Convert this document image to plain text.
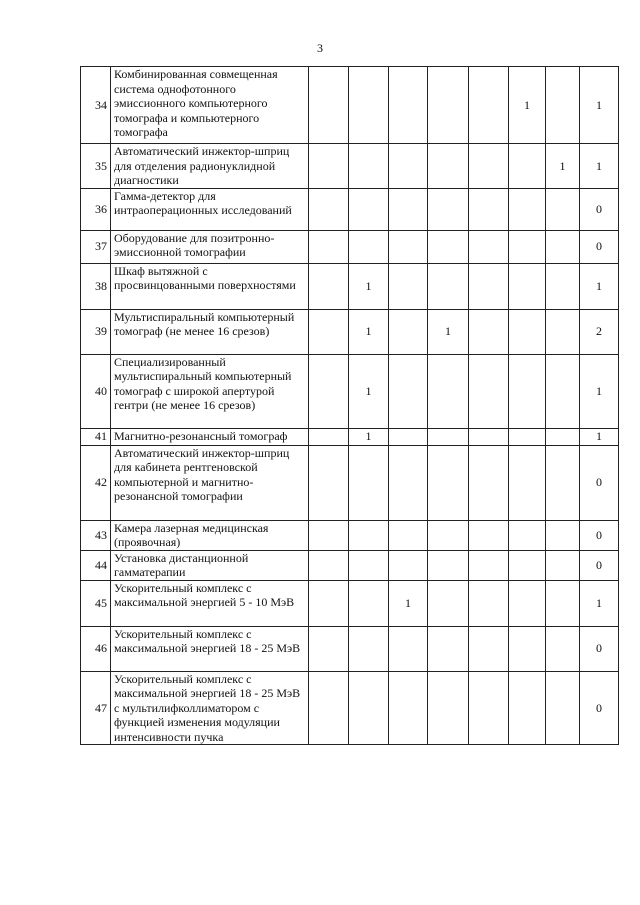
3
34	Комбинированная совмещенная система однофотонного эмиссионного компьютерного томографа и компьютерного томографа						1		1
35	Автоматический инжектор-шприц для отделения радионуклидной диагностики							1	1
36	Гамма-детектор для интраоперационных исследований								0
37	Оборудование для позитронно-эмиссионной томографии								0
38	Шкаф вытяжной с просвинцованными поверхностями		1						1
39	Мультиспиральный компьютерный томограф (не менее 16 срезов)		1		1				2
40	Специализированный мультиспиральный компьютерный томограф с широкой апертурой гентри (не менее 16 срезов)		1						1
41	Магнитно-резонансный томограф		1						1
42	Автоматический инжектор-шприц для кабинета рентгеновской компьютерной и магнитно-резонансной томографии								0
43	Камера лазерная медицинская (проявочная)								0
44	Установка дистанционной гамматерапии								0
45	Ускорительный комплекс с максимальной энергией 5 - 10 МэВ			1					1
46	Ускорительный комплекс с максимальной энергией 18 - 25 МэВ								0
47	Ускорительный комплекс с максимальной энергией 18 - 25 МэВ с мультилифколлиматором с функцией изменения модуляции интенсивности пучка								0
